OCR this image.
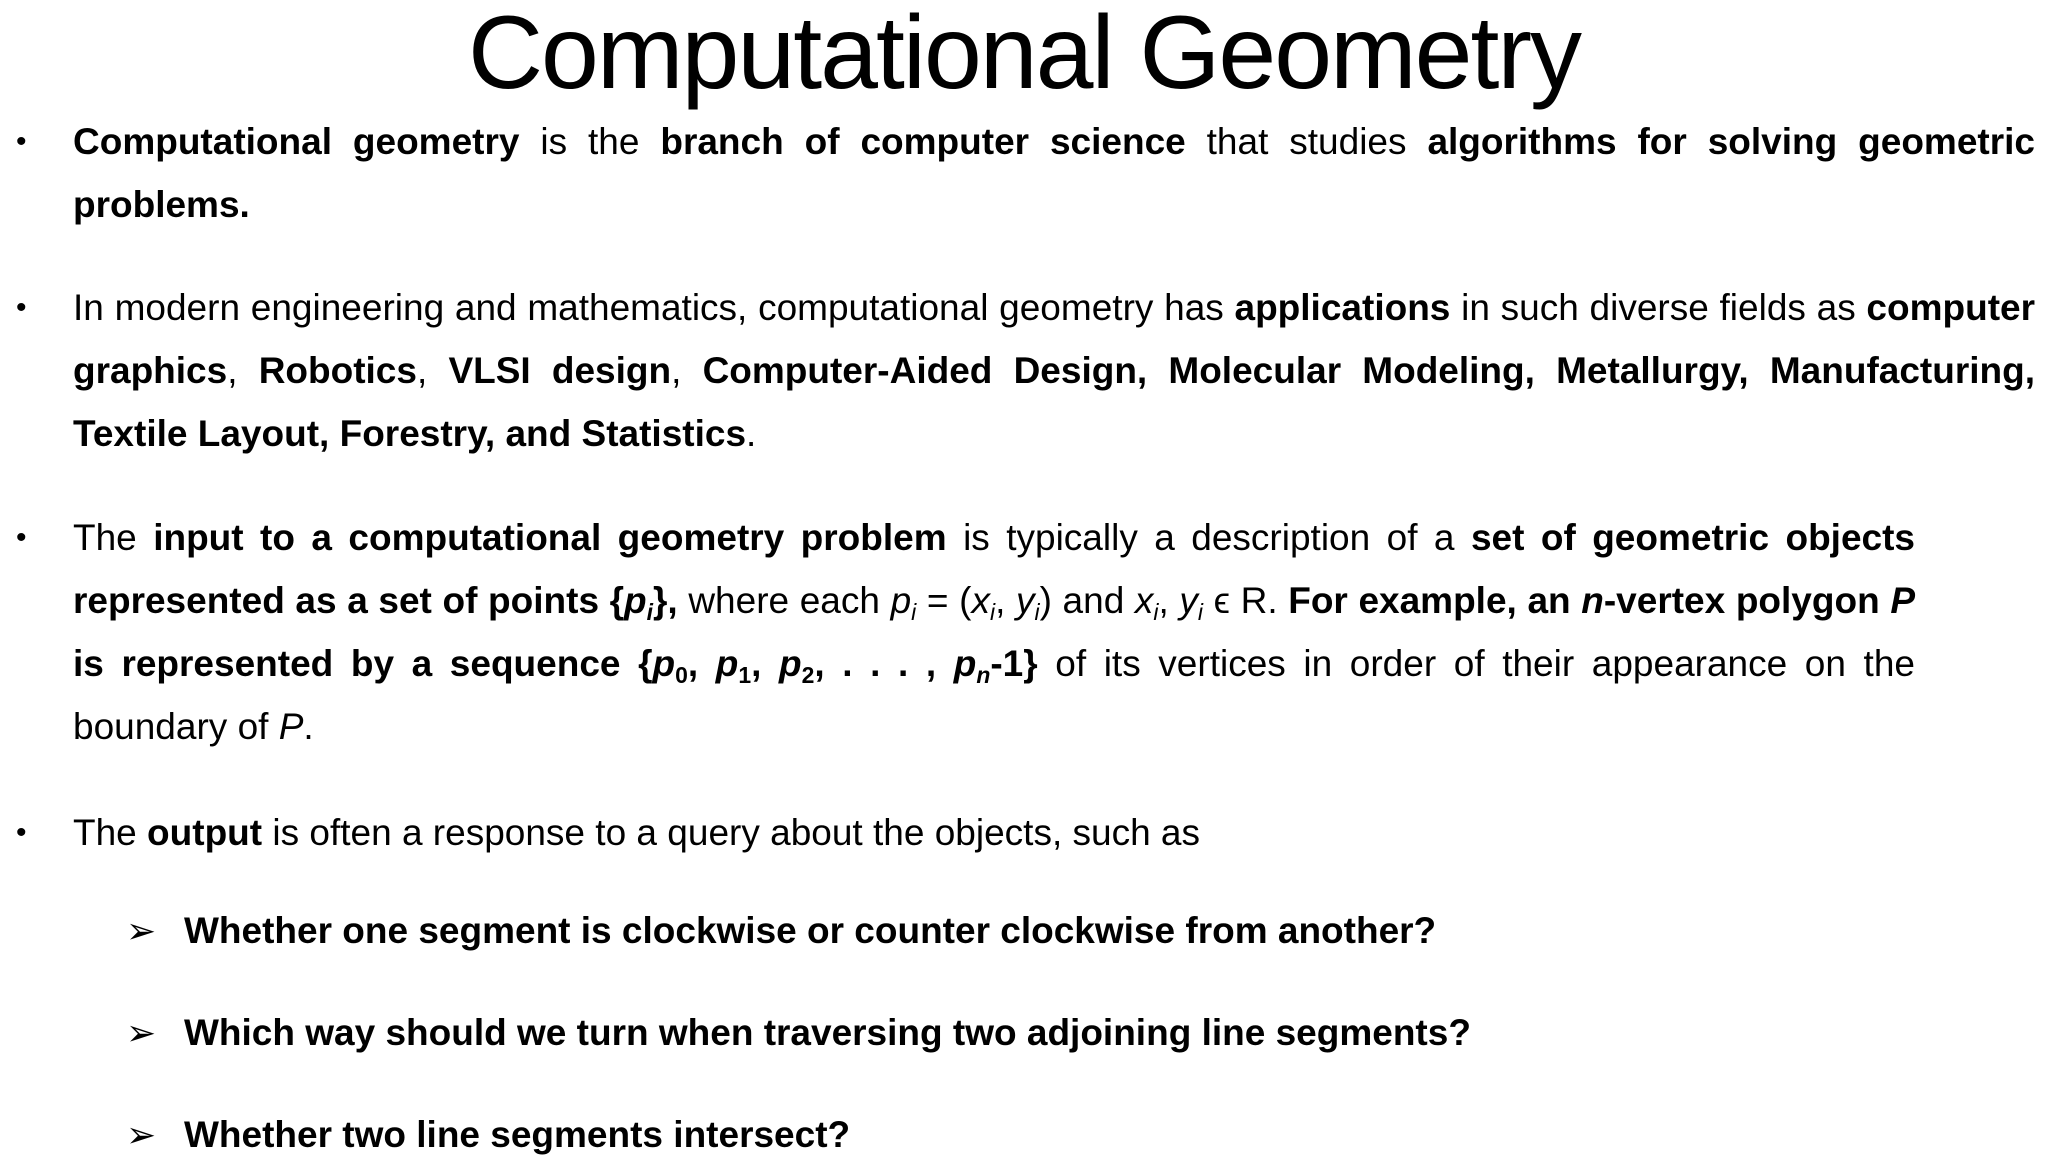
Computational Geometry
• Computational geometry is the branch of computer science that studies algorithms for solving geometric problems.
• In modern engineering and mathematics, computational geometry has applications in such diverse fields as computer graphics, Robotics, VLSI design, Computer-Aided Design, Molecular Modeling, Metallurgy, Manufacturing, Textile Layout, Forestry, and Statistics.
• The input to a computational geometry problem is typically a description of a set of geometric objects represented as a set of points $\{p_i\}$, where each $p_i = (x_i$, $y_i$) and $x_i$, $y_i$ ϵ R. For example, an n-vertex polygon P is represented by a sequence {$p_0$, $p_1$, $p_2$, . . . , $p_n-1$} of its vertices in order of their appearance on the boundary of P.
• The output is often a response to a query about the objects, such as
➢ Whether one segment is clockwise or counter clockwise from another?
➢ Which way should we turn when traversing two adjoining line segments?
➢ Whether two line segments intersect?
